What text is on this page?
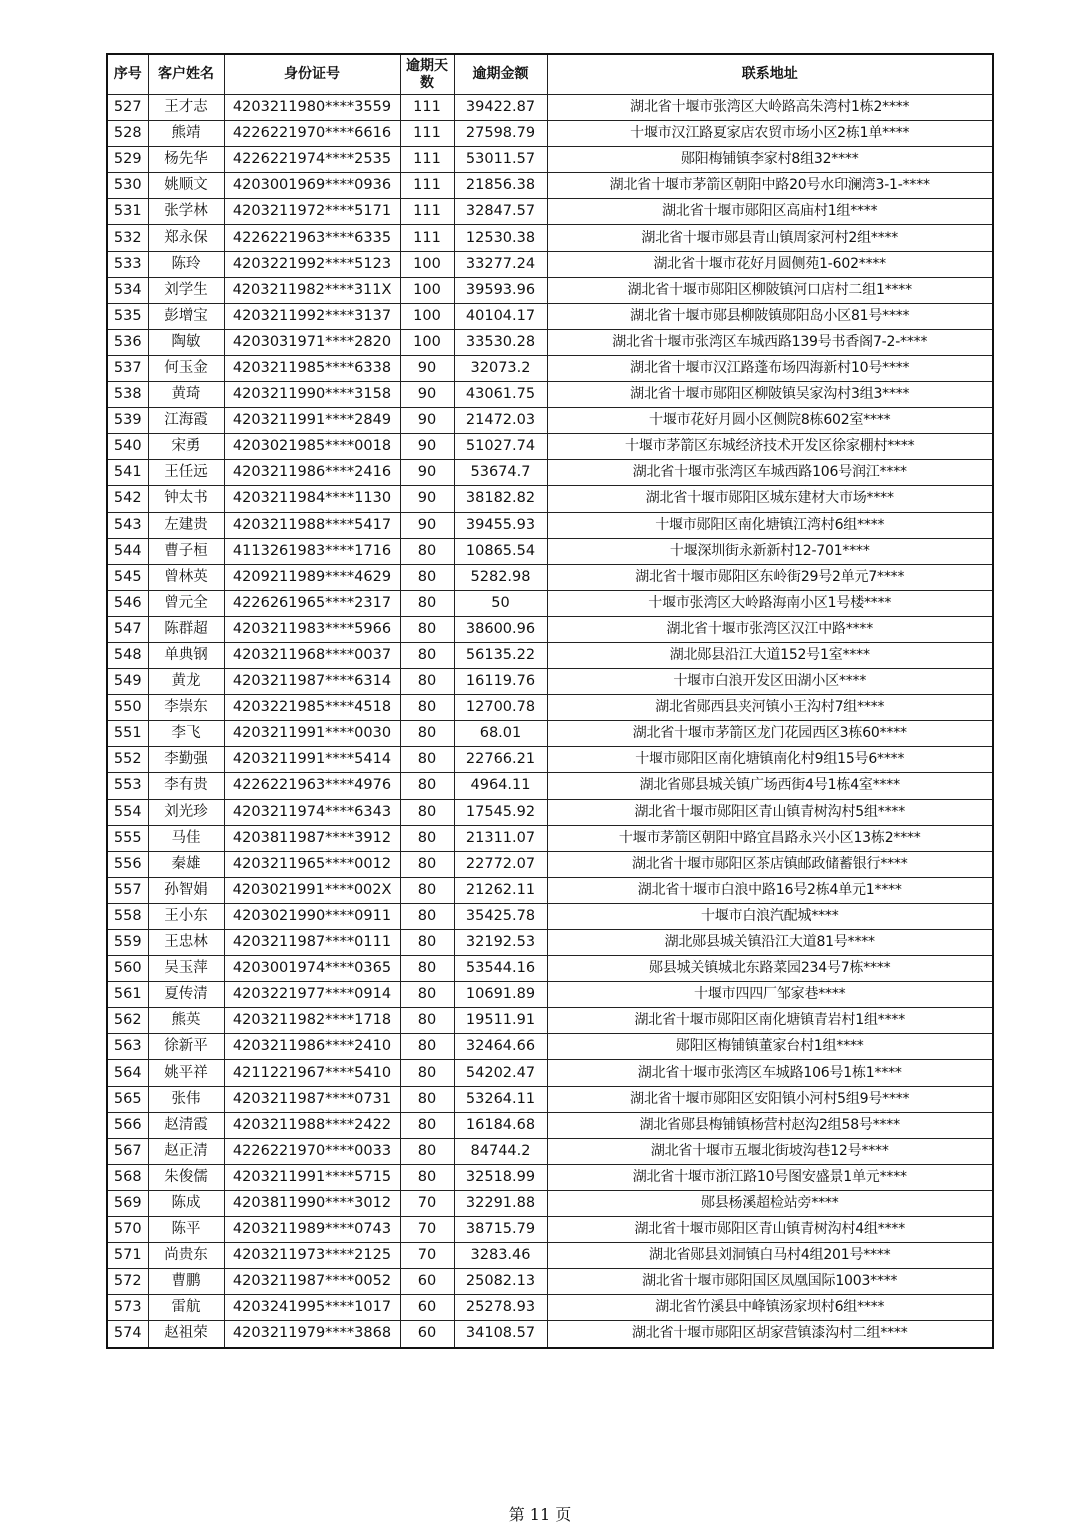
序号	客户姓名	身份证号	逾期天数	逾期金额	联系地址
527	王才志	4203211980****3559	111	39422.87	湖北省十堰市张湾区大岭路高朱湾村1栋2****
528	熊靖	4226221970****6616	111	27598.79	十堰市汉江路夏家店农贸市场小区2栋1单****
529	杨先华	4226221974****2535	111	53011.57	郧阳梅铺镇李家村8组32****
530	姚顺文	4203001969****0936	111	21856.38	湖北省十堰市茅箭区朝阳中路20号水印澜湾3-1-****
531	张学林	4203211972****5171	111	32847.57	湖北省十堰市郧阳区高庙村1组****
532	郑永保	4226221963****6335	111	12530.38	湖北省十堰市郧县青山镇周家河村2组****
533	陈玲	4203221992****5123	100	33277.24	湖北省十堰市花好月圆侧苑1-602****
534	刘学生	4203211982****311X	100	39593.96	湖北省十堰市郧阳区柳陂镇河口店村二组1****
535	彭增宝	4203211992****3137	100	40104.17	湖北省十堰市郧县柳陂镇郧阳岛小区81号****
536	陶敏	4203031971****2820	100	33530.28	湖北省十堰市张湾区车城西路139号书香阁7-2-****
537	何玉金	4203211985****6338	90	32073.2	湖北省十堰市汉江路蓬布场四海新村10号****
538	黄琦	4203211990****3158	90	43061.75	湖北省十堰市郧阳区柳陂镇吴家沟村3组3****
539	江海霞	4203211991****2849	90	21472.03	十堰市花好月圆小区侧院8栋602室****
540	宋勇	4203021985****0018	90	51027.74	十堰市茅箭区东城经济技术开发区徐家棚村****
541	王任远	4203211986****2416	90	53674.7	湖北省十堰市张湾区车城西路106号润江****
542	钟太书	4203211984****1130	90	38182.82	湖北省十堰市郧阳区城东建材大市场****
543	左建贵	4203211988****5417	90	39455.93	十堰市郧阳区南化塘镇江湾村6组****
544	曹子桓	4113261983****1716	80	10865.54	十堰深圳街永新新村12-701****
545	曾林英	4209211989****4629	80	5282.98	湖北省十堰市郧阳区东岭街29号2单元7****
546	曾元全	4226261965****2317	80	50	十堰市张湾区大岭路海南小区1号楼****
547	陈群超	4203211983****5966	80	38600.96	湖北省十堰市张湾区汉江中路****
548	单典钢	4203211968****0037	80	56135.22	湖北郧县沿江大道152号1室****
549	黄龙	4203211987****6314	80	16119.76	十堰市白浪开发区田湖小区****
550	李崇东	4203221985****4518	80	12700.78	湖北省郧西县夹河镇小王沟村7组****
551	李飞	4203211991****0030	80	68.01	湖北省十堰市茅箭区龙门花园西区3栋60****
552	李勤强	4203211991****5414	80	22766.21	十堰市郧阳区南化塘镇南化村9组15号6****
553	李有贵	4226221963****4976	80	4964.11	湖北省郧县城关镇广场西街4号1栋4室****
554	刘光珍	4203211974****6343	80	17545.92	湖北省十堰市郧阳区青山镇青树沟村5组****
555	马佳	4203811987****3912	80	21311.07	十堰市茅箭区朝阳中路宜昌路永兴小区13栋2****
556	秦雄	4203211965****0012	80	22772.07	湖北省十堰市郧阳区茶店镇邮政储蓄银行****
557	孙智娟	4203021991****002X	80	21262.11	湖北省十堰市白浪中路16号2栋4单元1****
558	王小东	4203021990****0911	80	35425.78	十堰市白浪汽配城****
559	王忠林	4203211987****0111	80	32192.53	湖北郧县城关镇沿江大道81号****
560	吴玉萍	4203001974****0365	80	53544.16	郧县城关镇城北东路菜园234号7栋****
561	夏传清	4203221977****0914	80	10691.89	十堰市四四厂邹家巷****
562	熊英	4203211982****1718	80	19511.91	湖北省十堰市郧阳区南化塘镇青岩村1组****
563	徐新平	4203211986****2410	80	32464.66	郧阳区梅铺镇董家台村1组****
564	姚平祥	4211221967****5410	80	54202.47	湖北省十堰市张湾区车城路106号1栋1****
565	张伟	4203211987****0731	80	53264.11	湖北省十堰市郧阳区安阳镇小河村5组9号****
566	赵清霞	4203211988****2422	80	16184.68	湖北省郧县梅铺镇杨营村赵沟2组58号****
567	赵正清	4226221970****0033	80	84744.2	湖北省十堰市五堰北街坡沟巷12号****
568	朱俊儒	4203211991****5715	80	32518.99	湖北省十堰市浙江路10号图安盛景1单元****
569	陈成	4203811990****3012	70	32291.88	郧县杨溪超检站旁****
570	陈平	4203211989****0743	70	38715.79	湖北省十堰市郧阳区青山镇青树沟村4组****
571	尚贵东	4203211973****2125	70	3283.46	湖北省郧县刘洞镇白马村4组201号****
572	曹鹏	4203211987****0052	60	25082.13	湖北省十堰市郧阳国区凤凰国际1003****
573	雷航	4203241995****1017	60	25278.93	湖北省竹溪县中峰镇汤家坝村6组****
574	赵祖荣	4203211979****3868	60	34108.57	湖北省十堰市郧阳区胡家营镇漆沟村二组****
第 11 页
